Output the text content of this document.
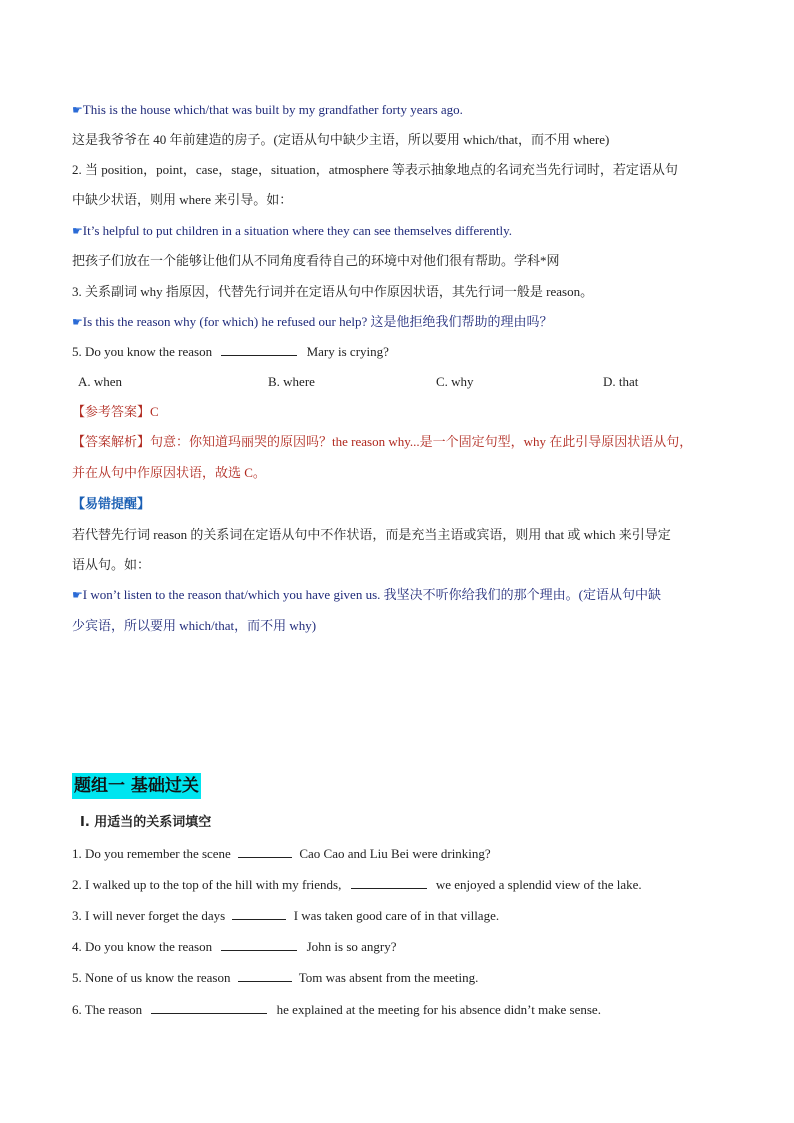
☛This is the house which/that was built by my grandfather forty years ago.
这是我爷爷在 40 年前建造的房子。(定语从句中缺少主语，所以要用 which/that，而不用 where)
2. 当 position，point，case，stage，situation，atmosphere 等表示抽象地点的名词充当先行词时，若定语从句
中缺少状语，则用 where 来引导。如：
☛It’s helpful to put children in a situation where they can see themselves differently.
把孩子们放在一个能够让他们从不同角度看待自己的环境中对他们很有帮助。学科*网
3. 关系副词 why 指原因，代替先行词并在定语从句中作原因状语，其先行词一般是 reason。
☛Is this the reason why (for which) he refused our help? 这是他拒绝我们帮助的理由吗？
5. Do you know the reason	Mary is crying?
A. when	B. where	C. why	D. that
【参考答案】C
【答案解析】句意：你知道玛丽哭的原因吗？the reason why...是一个固定句型，why 在此引导原因状语从句，
并在从句中作原因状语，故选 C。
【易错提醒】
若代替先行词 reason 的关系词在定语从句中不作状语，而是充当主语或宾语，则用 that 或 which 来引导定
语从句。如：
☛I won’t listen to the reason that/which you have given us. 我坚决不听你给我们的那个理由。(定语从句中缺
少宾语，所以要用 which/that，而不用 why)
题组一 基础过关
I. 用适当的关系词填空
1. Do you remember the scene	Cao Cao and Liu Bei were drinking?
2. I walked up to the top of the hill with my friends,	we enjoyed a splendid view of the lake.
3. I will never forget the days	I was taken good care of in that village.
4. Do you know the reason	John is so angry?
5. None of us know the reason	Tom was absent from the meeting.
6. The reason	he explained at the meeting for his absence didn’t make sense.
